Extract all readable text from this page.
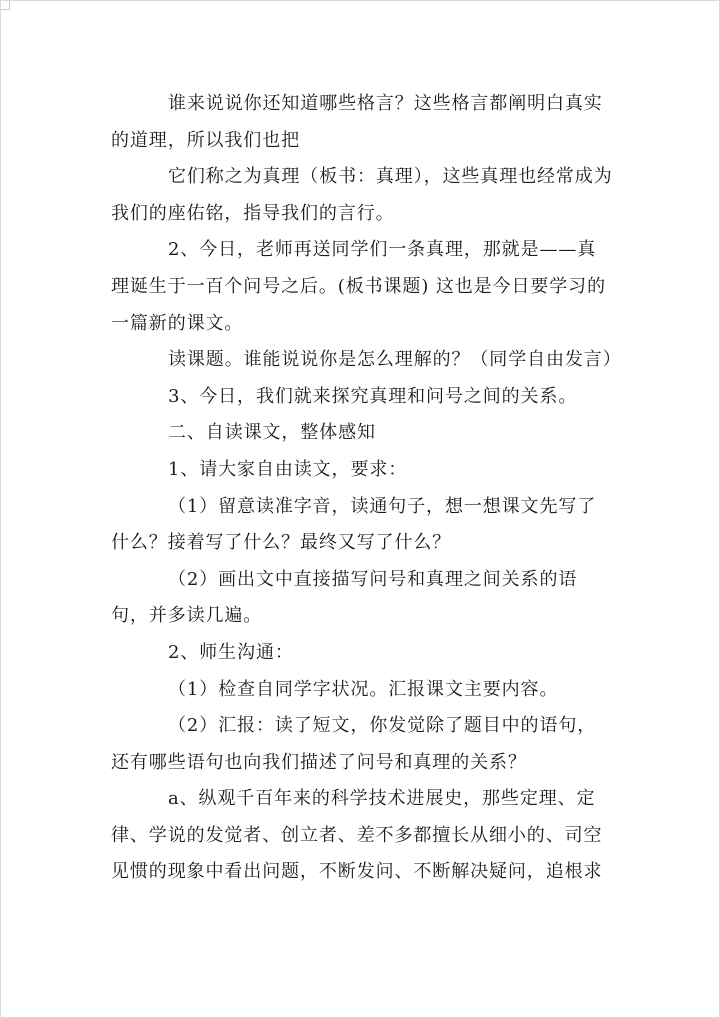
谁来说说你还知道哪些格言？这些格言都阐明白真实的道理，所以我们也把

它们称之为真理（板书：真理），这些真理也经常成为我们的座佑铭，指导我们的言行。

2、今日，老师再送同学们一条真理，那就是——真理诞生于一百个问号之后。(板书课题) 这也是今日要学习的一篇新的课文。

读课题。谁能说说你是怎么理解的？（同学自由发言）

3、今日，我们就来探究真理和问号之间的关系。

二、自读课文，整体感知

1、请大家自由读文，要求：

（1）留意读准字音，读通句子，想一想课文先写了什么？接着写了什么？最终又写了什么？

（2）画出文中直接描写问号和真理之间关系的语句，并多读几遍。

2、师生沟通：

（1）检查自同学字状况。汇报课文主要内容。

（2）汇报：读了短文，你发觉除了题目中的语句，还有哪些语句也向我们描述了问号和真理的关系？

a、纵观千百年来的科学技术进展史，那些定理、定律、学说的发觉者、创立者、差不多都擅长从细小的、司空见惯的现象中看出问题，不断发问、不断解决疑问，追根求
